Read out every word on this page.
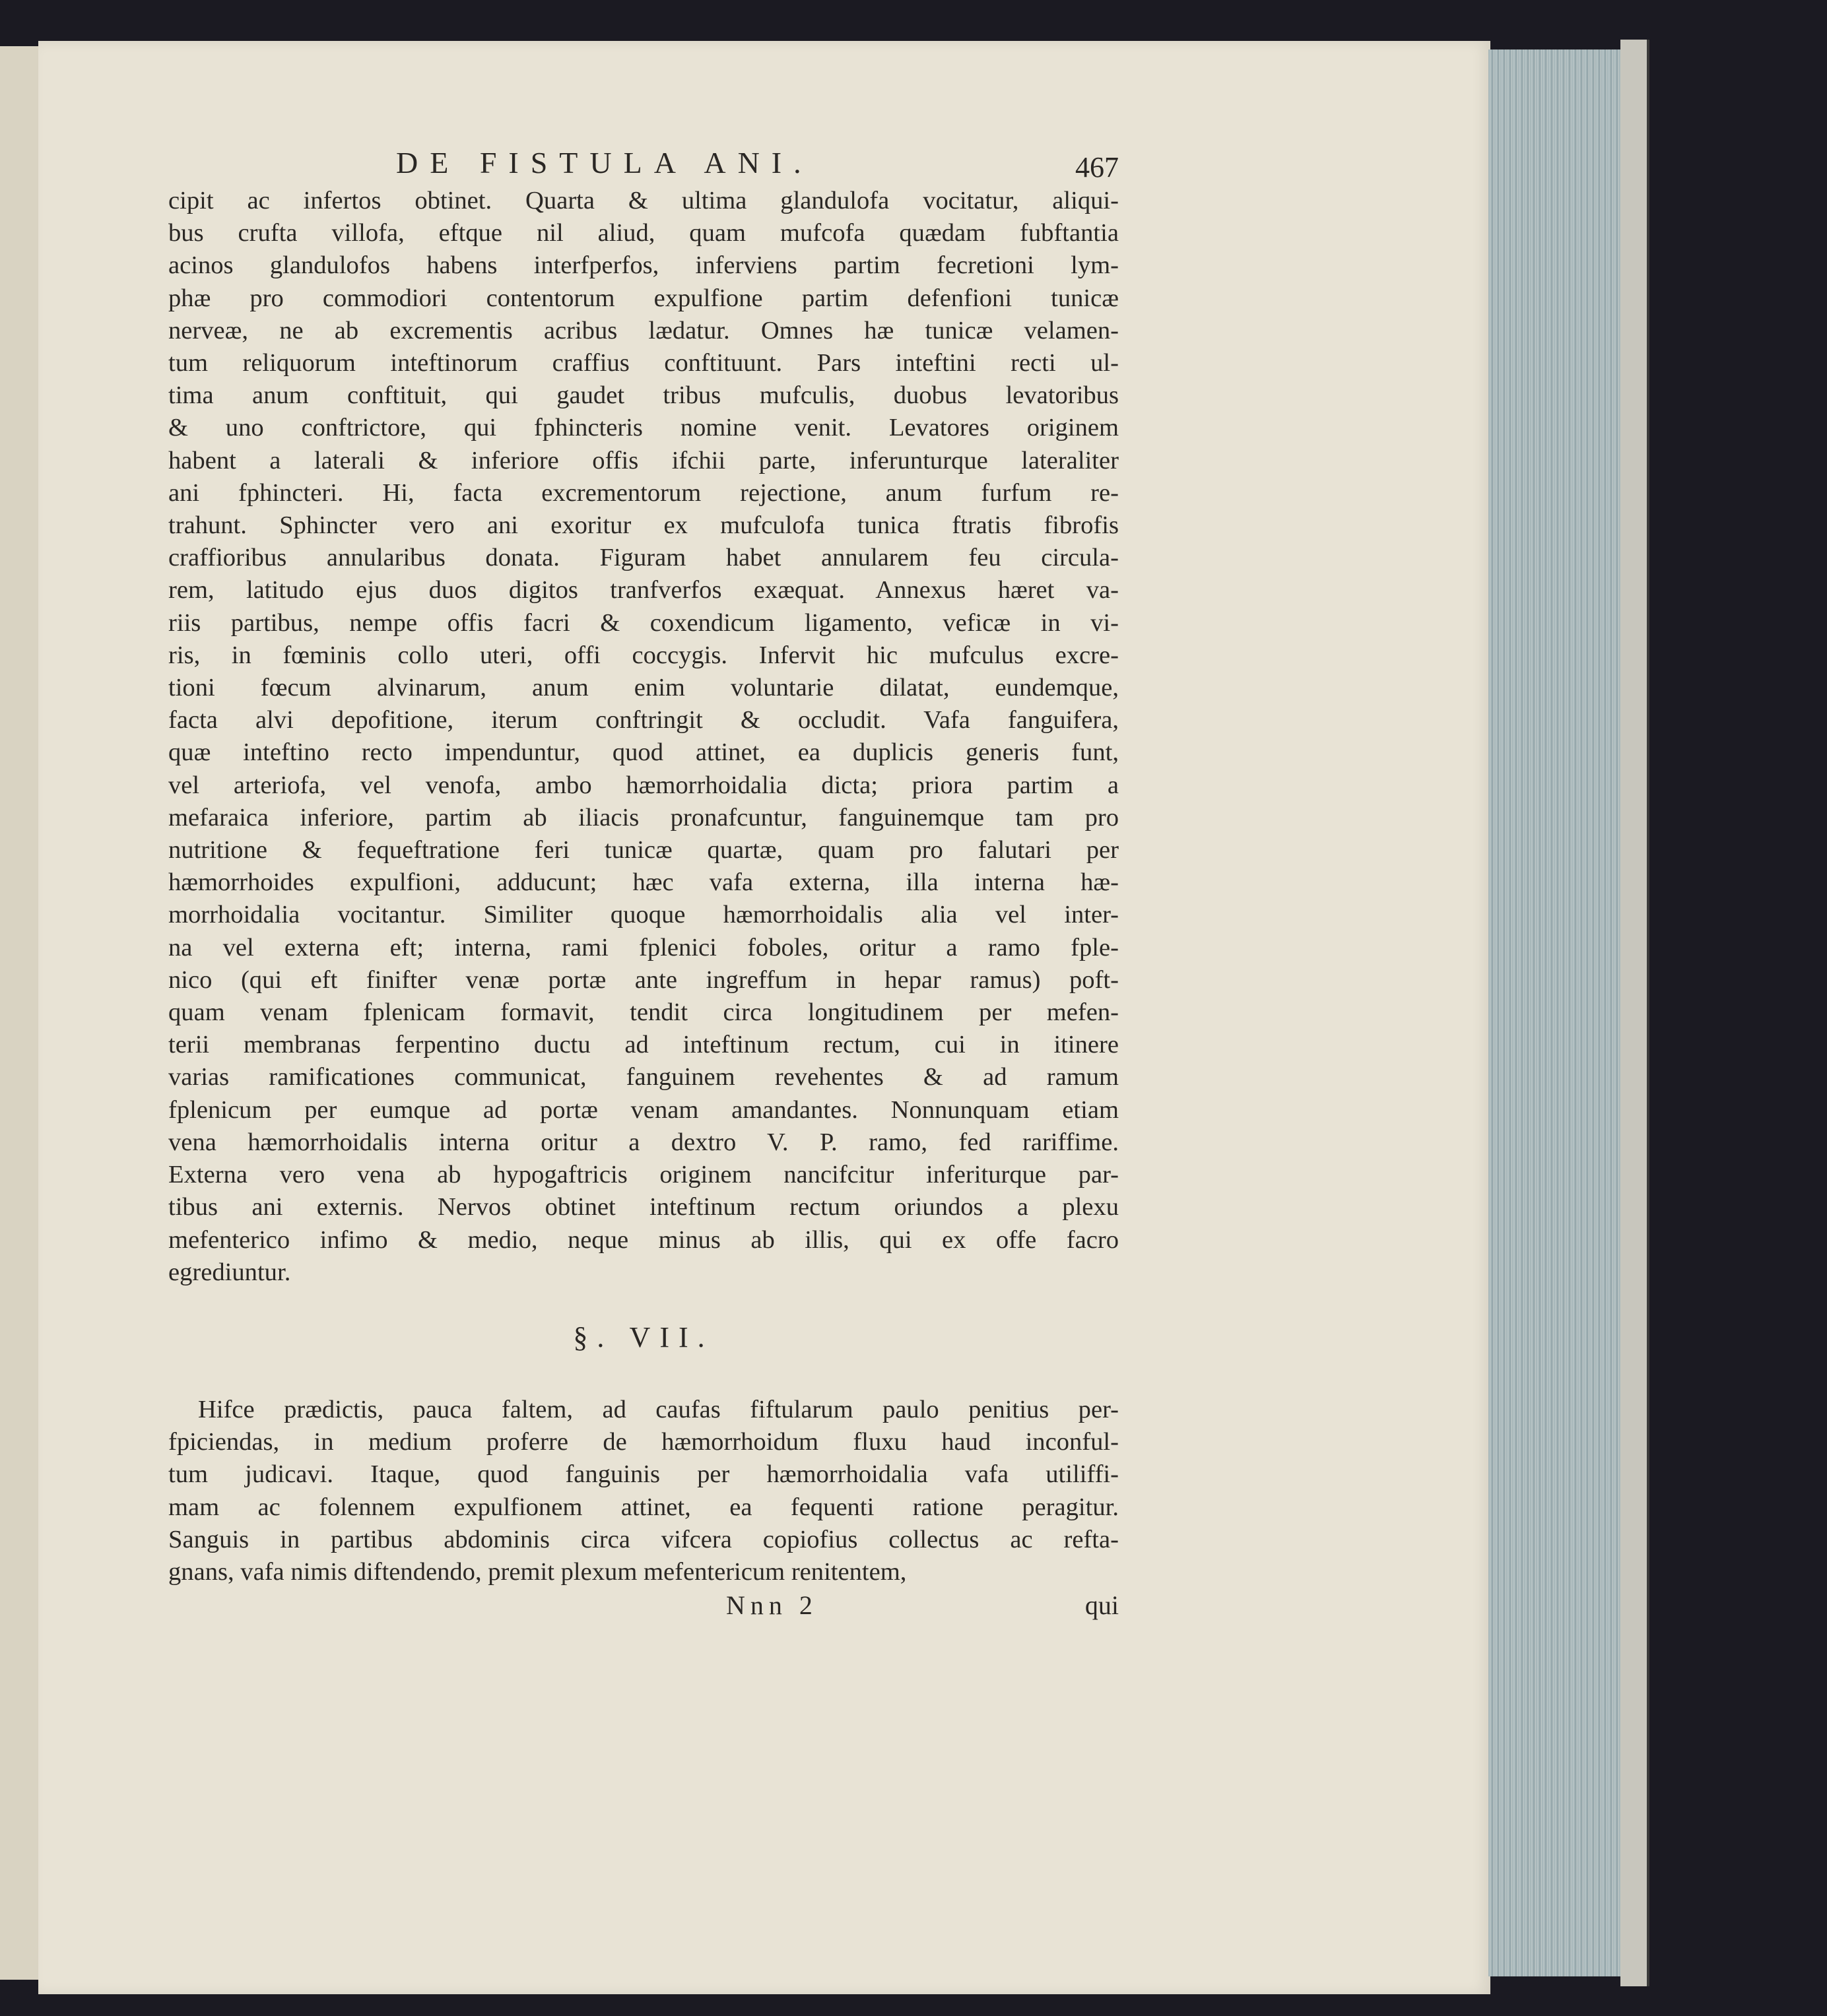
DE FISTULA ANI.	467

cipit ac infertos obtinet. Quarta & ultima glandulofa vocitatur, aliqui-
bus crufta villofa, eftque nil aliud, quam mufcofa quædam fubftantia
acinos glandulofos habens interfperfos, inferviens partim fecretioni lym-
phæ pro commodiori contentorum expulfione partim defenfioni tunicæ
nerveæ, ne ab excrementis acribus lædatur. Omnes hæ tunicæ velamen-
tum reliquorum inteftinorum craffius conftituunt. Pars inteftini recti ul-
tima anum conftituit, qui gaudet tribus mufculis, duobus levatoribus
& uno conftrictore, qui fphincteris nomine venit. Levatores originem
habent a laterali & inferiore offis ifchii parte, inferunturque lateraliter
ani fphincteri. Hi, facta excrementorum rejectione, anum furfum re-
trahunt. Sphincter vero ani exoritur ex mufculofa tunica ftratis fibrofis
craffioribus annularibus donata. Figuram habet annularem feu circula-
rem, latitudo ejus duos digitos tranfverfos exæquat. Annexus hæret va-
riis partibus, nempe offis facri & coxendicum ligamento, veficæ in vi-
ris, in fœminis collo uteri, offi coccygis. Infervit hic mufculus excre-
tioni fœcum alvinarum, anum enim voluntarie dilatat, eundemque,
facta alvi depofitione, iterum conftringit & occludit. Vafa fanguifera,
quæ inteftino recto impenduntur, quod attinet, ea duplicis generis funt,
vel arteriofa, vel venofa, ambo hæmorrhoidalia dicta; priora partim a
mefaraica inferiore, partim ab iliacis pronafcuntur, fanguinemque tam pro
nutritione & fequeftratione feri tunicæ quartæ, quam pro falutari per
hæmorrhoides expulfioni, adducunt; hæc vafa externa, illa interna hæ-
morrhoidalia vocitantur. Similiter quoque hæmorrhoidalis alia vel inter-
na vel externa eft; interna, rami fplenici foboles, oritur a ramo fple-
nico (qui eft finifter venæ portæ ante ingreffum in hepar ramus) poft-
quam venam fplenicam formavit, tendit circa longitudinem per mefen-
terii membranas ferpentino ductu ad inteftinum rectum, cui in itinere
varias ramificationes communicat, fanguinem revehentes & ad ramum
fplenicum per eumque ad portæ venam amandantes. Nonnunquam etiam
vena hæmorrhoidalis interna oritur a dextro V. P. ramo, fed rariffime.
Externa vero vena ab hypogaftricis originem nancifcitur inferiturque par-
tibus ani externis. Nervos obtinet inteftinum rectum oriundos a plexu
mefenterico infimo & medio, neque minus ab illis, qui ex offe facro
egrediuntur.

§. VII.

Hifce prædictis, pauca faltem, ad caufas fiftularum paulo penitius per-
fpiciendas, in medium proferre de hæmorrhoidum fluxu haud inconful-
tum judicavi. Itaque, quod fanguinis per hæmorrhoidalia vafa utiliffi-
mam ac folennem expulfionem attinet, ea fequenti ratione peragitur.
Sanguis in partibus abdominis circa vifcera copiofius collectus ac refta-
gnans, vafa nimis diftendendo, premit plexum mefentericum renitentem,

Nnn 2	qui
